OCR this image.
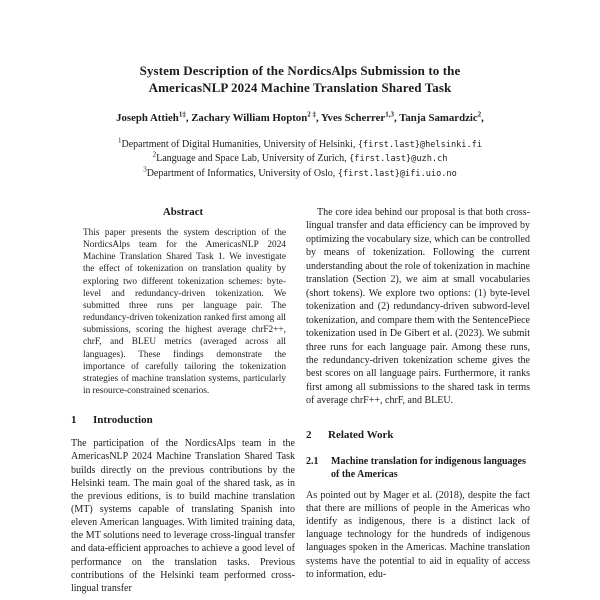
System Description of the NordicsAlps Submission to the
AmericasNLP 2024 Machine Translation Shared Task
Joseph Attieh$^{1\ddagger}$, Zachary William Hopton$^{2 \ddagger}$, Yves Scherrer$^{1,3}$, Tanja Samardzic$^2$,
$^1$Department of Digital Humanities, University of Helsinki, {first.last}@helsinki.fi
$^2$Language and Space Lab, University of Zurich, {first.last}@uzh.ch
$^3$Department of Informatics, University of Oslo, {first.last}@ifi.uio.no
Abstract
This paper presents the system description of the NordicsAlps team for the AmericasNLP 2024 Machine Translation Shared Task 1. We investigate the effect of tokenization on translation quality by exploring two different tokenization schemes: byte-level and redundancy-driven tokenization. We submitted three runs per language pair. The redundancy-driven tokenization ranked first among all submissions, scoring the highest average chrF2++, chrF, and BLEU metrics (averaged across all languages). These findings demonstrate the importance of carefully tailoring the tokenization strategies of machine translation systems, particularly in resource-constrained scenarios.
1	Introduction
The participation of the NordicsAlps team in the AmericasNLP 2024 Machine Translation Shared Task builds directly on the previous contributions by the Helsinki team. The main goal of the shared task, as in the previous editions, is to build machine translation (MT) systems capable of translating Spanish into eleven American languages. With limited training data, the MT solutions need to leverage cross-lingual transfer and data-efficient approaches to achieve a good level of performance on the translation tasks. Previous contributions of the Helsinki team performed cross-lingual transfer
The core idea behind our proposal is that both cross-lingual transfer and data efficiency can be improved by optimizing the vocabulary size, which can be controlled by means of tokenization. Following the current understanding about the role of tokenization in machine translation (Section 2), we aim at small vocabularies (short tokens). We explore two options: (1) byte-level tokenization and (2) redundancy-driven subword-level tokenization, and compare them with the SentencePiece tokenization used in De Gibert et al. (2023). We submit three runs for each language pair. Among these runs, the redundancy-driven tokenization scheme gives the best scores on all language pairs. Furthermore, it ranks first among all submissions to the shared task in terms of average chrF++, chrF, and BLEU.
2	Related Work
2.1	Machine translation for indigenous languages of the Americas
As pointed out by Mager et al. (2018), despite the fact that there are millions of people in the Americas who identify as indigenous, there is a distinct lack of language technology for the hundreds of indigenous languages spoken in the Americas. Machine translation systems have the potential to aid in equality of access to information, edu-
